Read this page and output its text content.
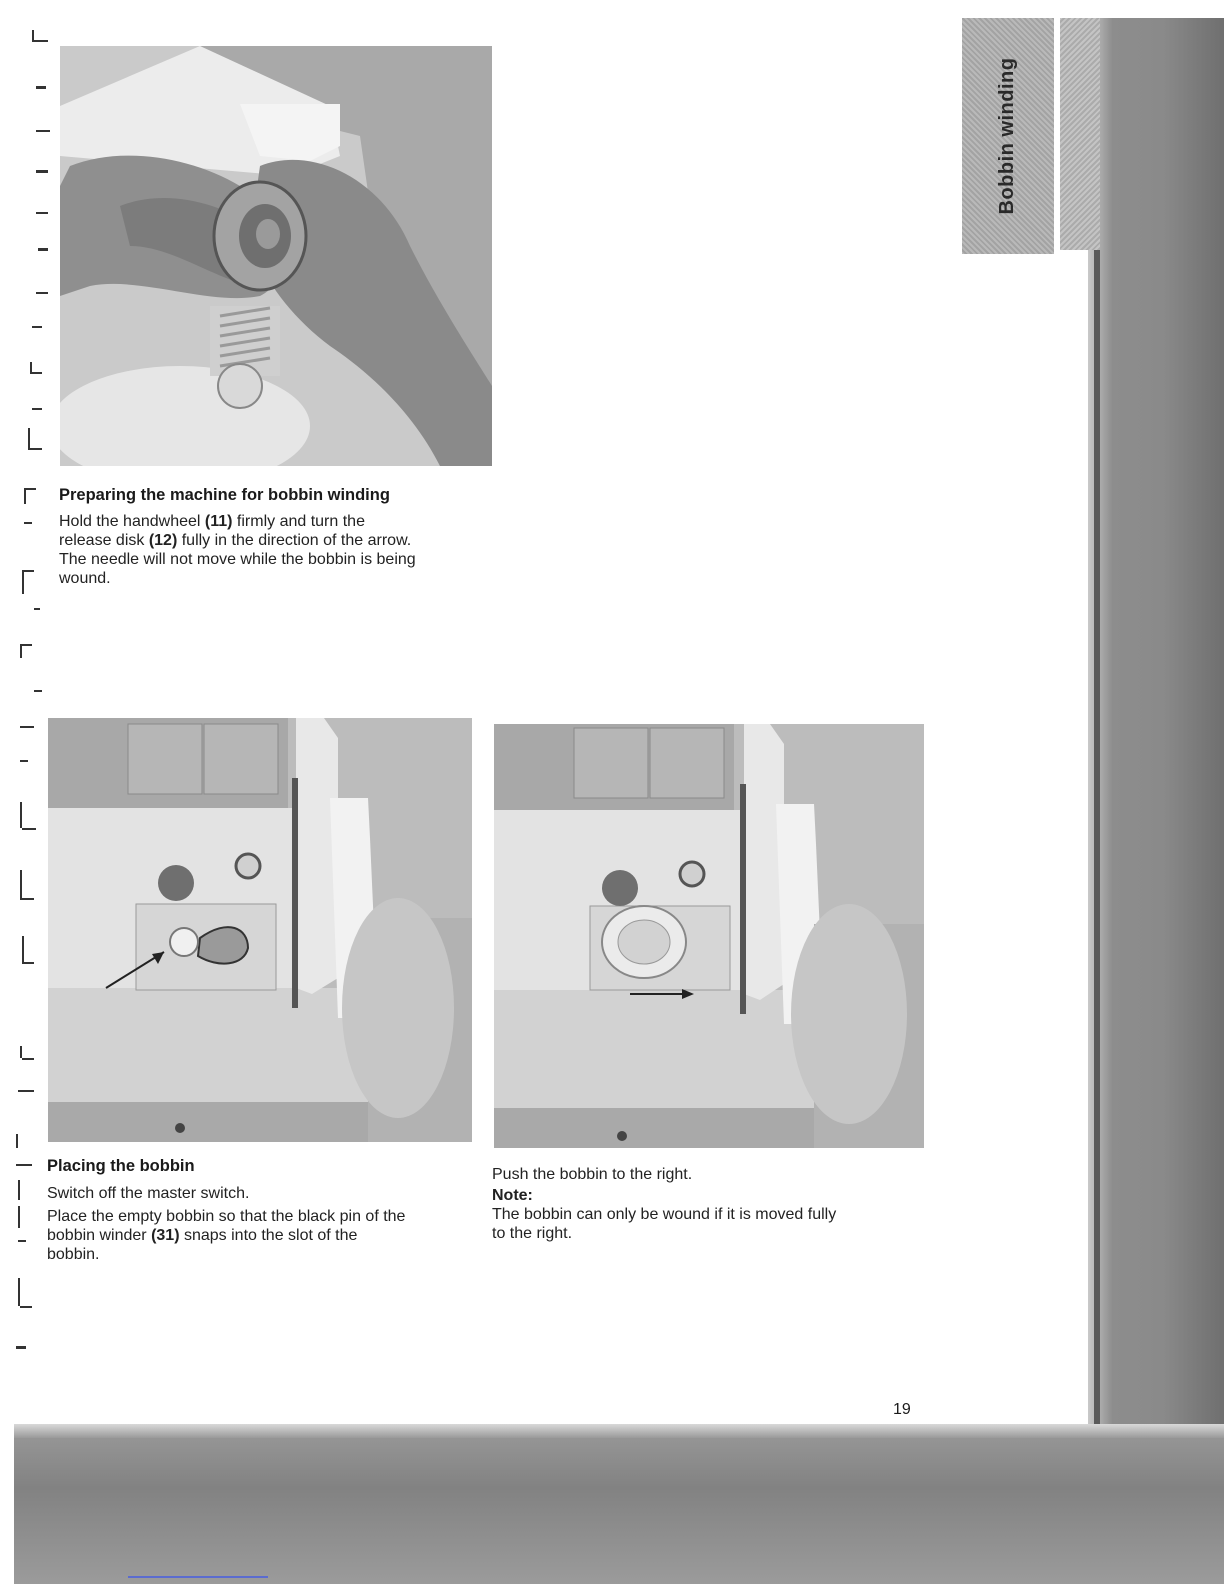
Bobbin winding
Preparing the machine for bobbin winding

Hold the handwheel (11) firmly and turn the

release disk (12) fully in the direction of the arrow.

The needle will not move while the bobbin is being

wound.

Placing the bobbin

Switch off the master switch.

Place the empty bobbin so that the black pin of the

bobbin winder (31) snaps into the slot of the

bobbin.

Push the bobbin to the right.

Note:

The bobbin can only be wound if it is moved fully

to the right.

19
